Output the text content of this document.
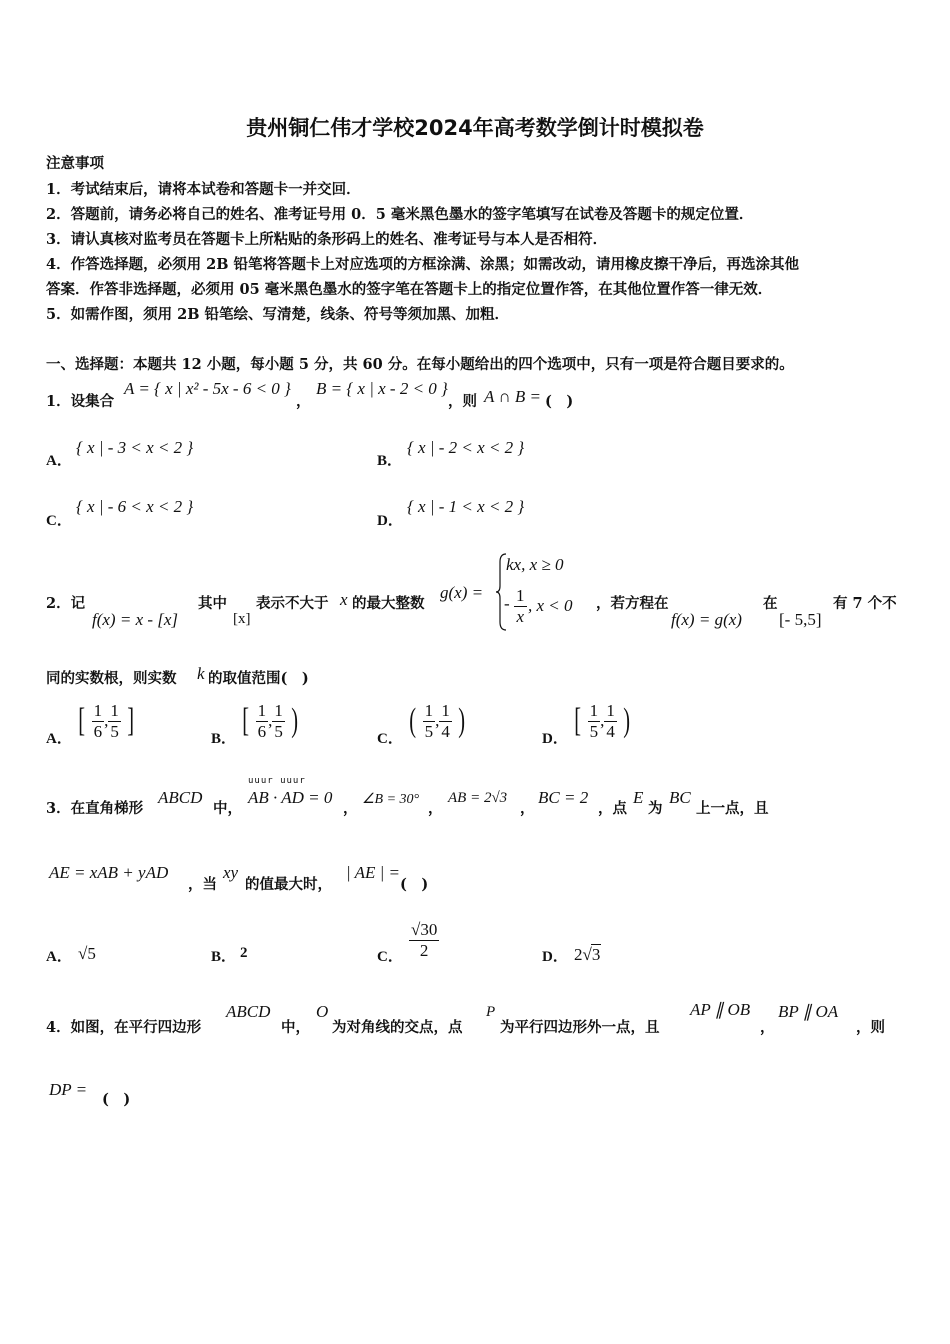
贵州铜仁伟才学校2024年高考数学倒计时模拟卷
注意事项
1．考试结束后，请将本试卷和答题卡一并交回．
2．答题前，请务必将自己的姓名、准考证号用 0．5 毫米黑色墨水的签字笔填写在试卷及答题卡的规定位置．
3．请认真核对监考员在答题卡上所粘贴的条形码上的姓名、准考证号与本人是否相符．
4．作答选择题，必须用 2B 铅笔将答题卡上对应选项的方框涂满、涂黑；如需改动，请用橡皮擦干净后，再选涂其他
答案．作答非选择题，必须用 05 毫米黑色墨水的签字笔在答题卡上的指定位置作答，在其他位置作答一律无效．
5．如需作图，须用 2B 铅笔绘、写清楚，线条、符号等须加黑、加粗．
一、选择题：本题共 12 小题，每小题 5 分，共 60 分。在每小题给出的四个选项中，只有一项是符合题目要求的。
1．设集合
A = { x | x² - 5x - 6 < 0 }
，
B = { x | x - 2 < 0 }
，则 A ∩ B = (　)
A．
{ x | - 3 < x < 2 }
B．
{ x | - 2 < x < 2 }
C．
{ x | - 6 < x < 2 }
D．
{ x | - 1 < x < 2 }
2．记
f(x) = x - [x]
其中
[x]
表示不大于 x 的最大整数
g(x) =
kx, x ≥ 0
- $\frac{1}{x}$ , x < 0 ，若方程在
f(x) = g(x)
在
[- 5,5]
有 7 个不
同的实数根，则实数 k 的取值范围(　)
A． [ $\frac{1}{6}$ , $\frac{1}{5}$ ]	B． [ $\frac{1}{6}$ , $\frac{1}{5}$ )	C． ( $\frac{1}{5}$ , $\frac{1}{4}$ )	D． [ $\frac{1}{5}$ , $\frac{1}{4}$ )
3．在直角梯形
ABCD
中，
uuur uuur
AB · AD = 0
，
∠B = 30°
，
AB = 2√3
，
BC = 2
，点
E
为
BC
上一点，且
AE = xAB + yAD
，当
xy
的值最大时，
| AE | =
(　)
A． √5	B． 2	C． $\frac{√30}{2}$	D． 2√3
4．如图，在平行四边形
ABCD
中，
O
为对角线的交点，点
P
为平行四边形外一点，且
AP ∥ OB
，
BP ∥ OA
，则
DP =
(　)
